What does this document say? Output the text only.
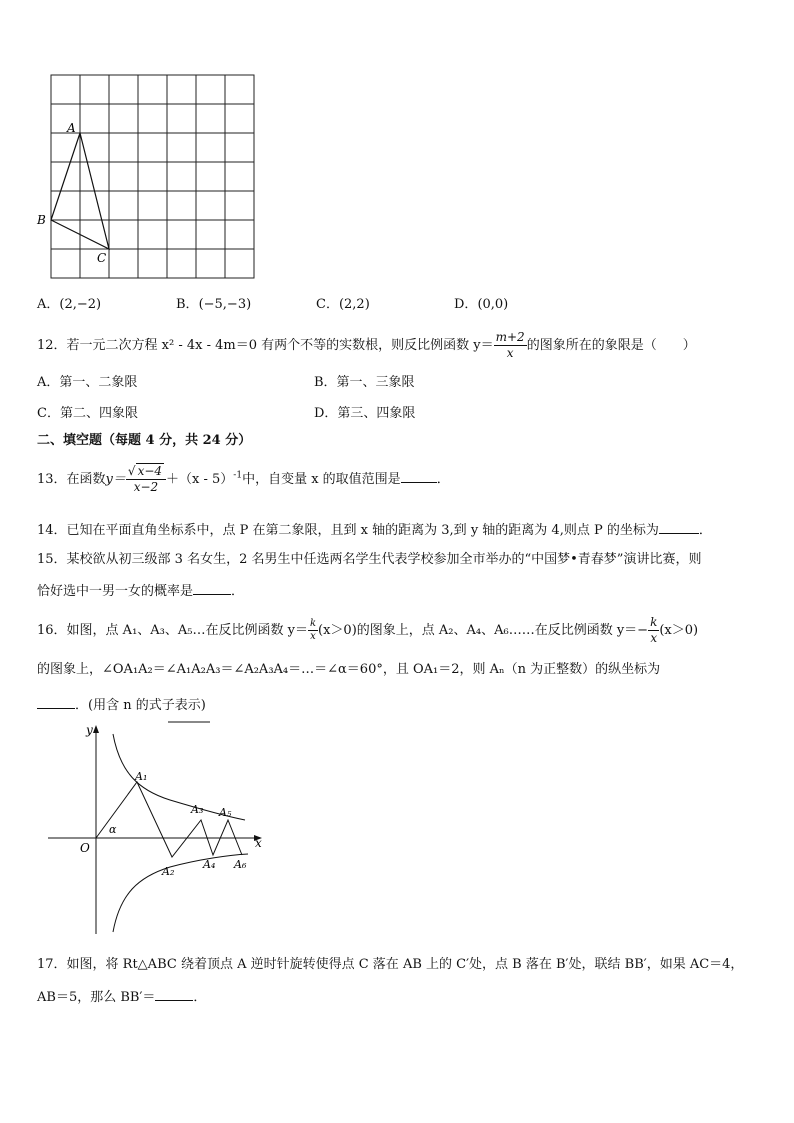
A
B
C
A．(2,−2)	B．(−5,−3)	C．(2,2)	D．(0,0)
12．若一元二次方程 x² - 4x - 4m＝0 有两个不等的实数根，则反比例函数 $y= \frac{m+2}{x}$ 的图象所在的象限是（　　）
A．第一、二象限	B．第一、三象限
C．第二、四象限	D．第三、四象限
二、填空题（每题 4 分，共 24 分）
13．在函数$y= \frac{√ x-4}{x-2} +(x - 5)^{-1}$中，自变量 x 的取值范围是	．
14．已知在平面直角坐标系中，点 P 在第二象限，且到 x 轴的距离为 3,到 y 轴的距离为 4,则点 P 的坐标为	．
15．某校欲从初三级部 3 名女生，2 名男生中任选两名学生代表学校参加全市举办的“中国梦•青春梦”演讲比赛，则
恰好选中一男一女的概率是	．
16．如图，点 A₁、A₃、A₅…在反比例函数 $y= \frac{k}{x} (x>0)$的图象上，点 A₂、A₄、A₆……在反比例函数 $y=- \frac{k}{x} (x>0)$
的图象上，∠OA₁A₂＝∠A₁A₂A₃＝∠A₂A₃A₄＝…＝∠α＝60°，且 OA₁＝2，则 Aₙ（n 为正整数）的纵坐标为
．(用含 n 的式子表示)
y
x
O
α
A₁
A₂
A₃
A₄
A₅
A₆
17．如图，将 Rt△ABC 绕着顶点 A 逆时针旋转使得点 C 落在 AB 上的 C′处，点 B 落在 B′处，联结 BB′，如果 AC＝4，
AB＝5，那么 BB′＝	．
